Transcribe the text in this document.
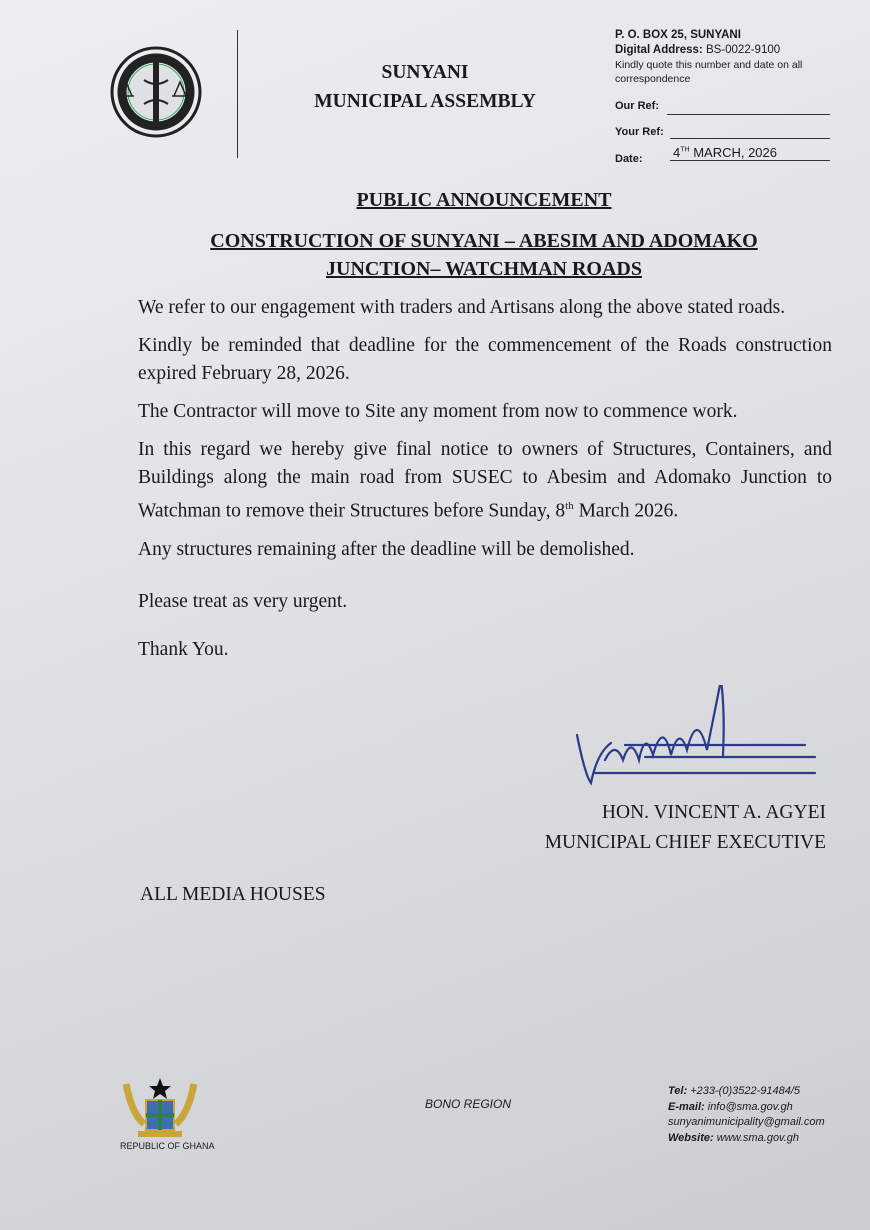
SUNYANI
MUNICIPAL ASSEMBLY
P. O. BOX 25, SUNYANI
Digital Address: BS-0022-9100
Kindly quote this number and date on all correspondence
Our Ref:
Your Ref:
Date: 4TH MARCH, 2026
PUBLIC ANNOUNCEMENT
CONSTRUCTION OF SUNYANI – ABESIM AND ADOMAKO
JUNCTION– WATCHMAN ROADS

We refer to our engagement with traders and Artisans along the above stated roads.

Kindly be reminded that deadline for the commencement of the Roads construction expired February 28, 2026.

The Contractor will move to Site any moment from now to commence work.

In this regard we hereby give final notice to owners of Structures, Containers, and Buildings along the main road from SUSEC to Abesim and Adomako Junction to Watchman to remove their Structures before Sunday, 8th March 2026.

Any structures remaining after the deadline will be demolished.

Please treat as very urgent.

Thank You.

HON. VINCENT A. AGYEI
MUNICIPAL CHIEF EXECUTIVE
ALL MEDIA HOUSES
REPUBLIC OF GHANA
BONO REGION
Tel: +233-(0)3522-91484/5
E-mail: info@sma.gov.gh
sunyanimunicipality@gmail.com
Website: www.sma.gov.gh
